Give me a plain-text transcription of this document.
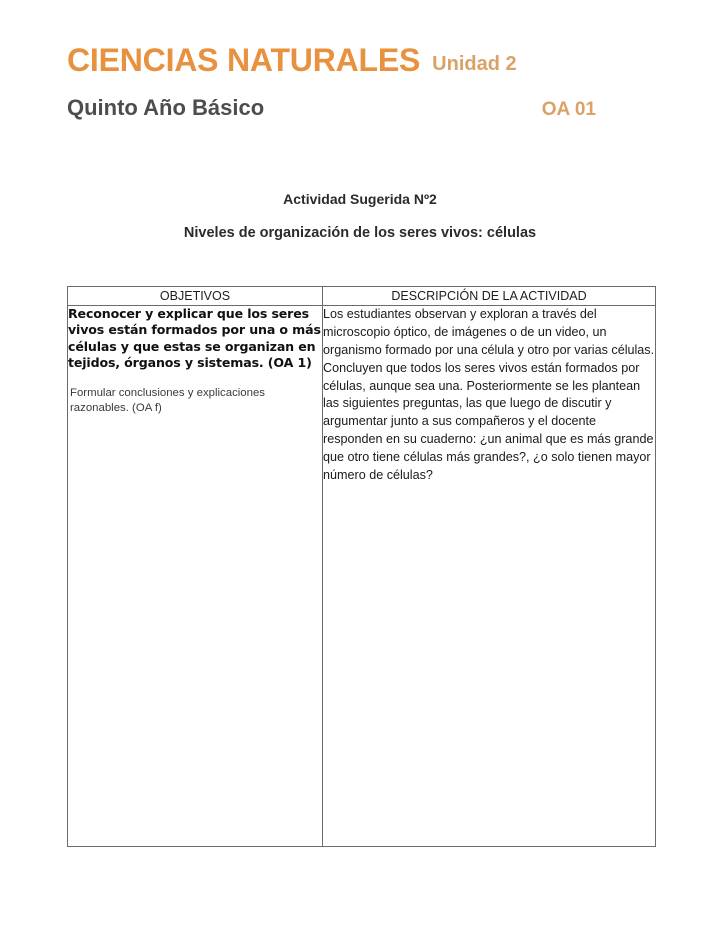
CIENCIAS NATURALES Unidad 2
Quinto Año Básico	OA 01
Actividad Sugerida Nº2
Niveles de organización de los seres vivos: células
OBJETIVOS	DESCRIPCIÓN DE LA ACTIVIDAD

Reconocer y explicar que los seres vivos están formados por una o más células y que estas se organizan en tejidos, órganos y sistemas. (OA 1)

Formular conclusiones y explicaciones razonables. (OA f)	Los estudiantes observan y exploran a través del microscopio óptico, de imágenes o de un video, un organismo formado por una célula y otro por varias células. Concluyen que todos los seres vivos están formados por células, aunque sea una. Posteriormente se les plantean las siguientes preguntas, las que luego de discutir y argumentar junto a sus compañeros y el docente responden en su cuaderno: ¿un animal que es más grande que otro tiene células más grandes?, ¿o solo tienen mayor número de células?
